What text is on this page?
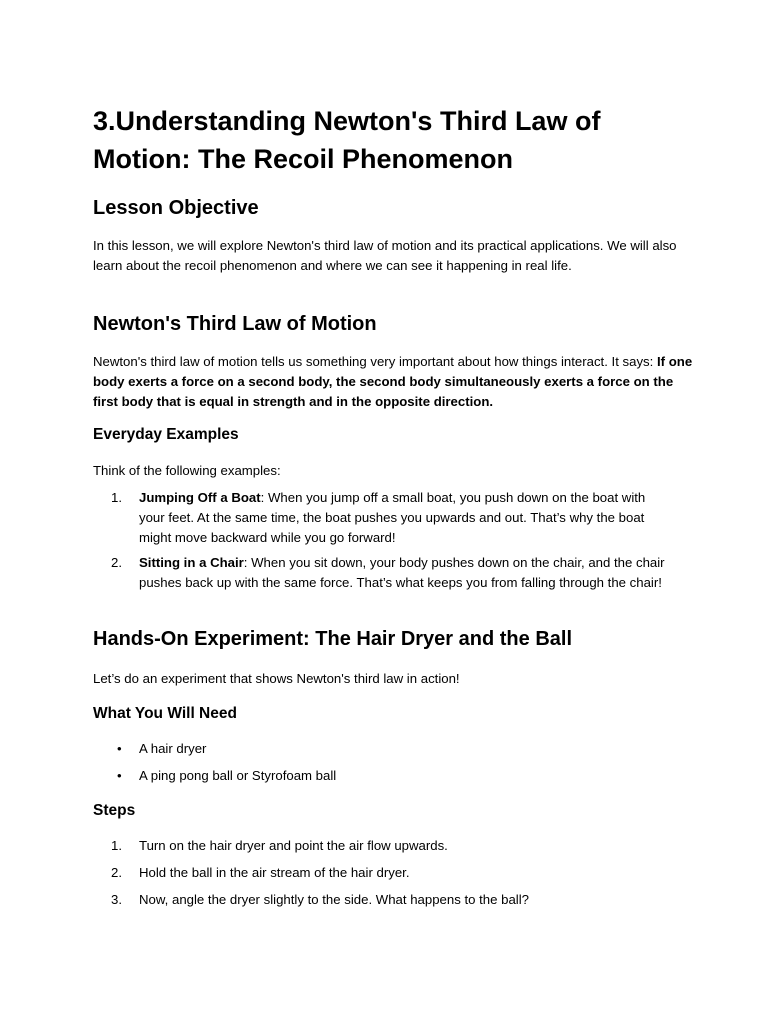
3.Understanding Newton's Third Law of Motion: The Recoil Phenomenon
Lesson Objective
In this lesson, we will explore Newton's third law of motion and its practical applications. We will also learn about the recoil phenomenon and where we can see it happening in real life.
Newton's Third Law of Motion
Newton's third law of motion tells us something very important about how things interact. It says: If one body exerts a force on a second body, the second body simultaneously exerts a force on the first body that is equal in strength and in the opposite direction.
Everyday Examples
Think of the following examples:
1.	Jumping Off a Boat: When you jump off a small boat, you push down on the boat with your feet. At the same time, the boat pushes you upwards and out. That’s why the boat might move backward while you go forward!
2.	Sitting in a Chair: When you sit down, your body pushes down on the chair, and the chair pushes back up with the same force. That’s what keeps you from falling through the chair!
Hands-On Experiment: The Hair Dryer and the Ball
Let’s do an experiment that shows Newton's third law in action!
What You Will Need
• A hair dryer
• A ping pong ball or Styrofoam ball
Steps
1.	Turn on the hair dryer and point the air flow upwards.
2.	Hold the ball in the air stream of the hair dryer.
3.	Now, angle the dryer slightly to the side. What happens to the ball?
